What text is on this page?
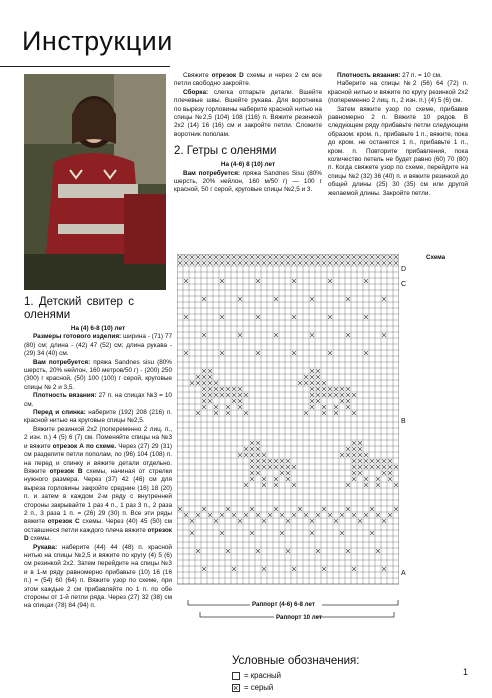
Инструкции
1. Детский свитер с оленями

На (4) 6-8 (10) лет

Размеры готового изделия: ширина - (71) 77 (80) см; длина - (42) 47 (52) см; длина рукава - (29) 34 (40) см.

Вам потребуется: пряжа Sandnes sisu (80% шерсть, 20% нейлон, 160 метров/50 г) - (200) 250 (300) г красной, (50) 100 (100) г серой, круговые спицы № 2 и 3,5.

Плотность вязания: 27 п. на спицах №3 = 10 см.

Перед и спинка: наберите (192) 208 (216) п. красной нитью на круговые спицы №2,5.

Вяжите резинкой 2х2 (попеременно 2 лиц. п., 2 изн. п.) 4 (5) 6 (7) см. Поменяйте спицы на №3 и вяжите отрезок А по схеме. Через (27) 29 (31) см разделите петли пополам, по (96) 104 (108) п. на перед и спинку и вяжите детали отдельно. Вяжите отрезок В схемы, начиная от стрелки нужного размера. Через (37) 42 (46) см для выреза горловины закройте средние (16) 18 (20) п. и затем в каждом 2-м ряду с внутренней стороны закрывайте 1 раз 4 п., 1 раз 3 п., 2 раза 2 п., 3 раза 1 п. = (26) 29 (30) п. Все эти ряды вяжите отрезок С схемы. Через (40) 45 (50) см оставшиеся петли каждого плеча вяжите отрезок D схемы.

Рукава: наберите (44) 44 (48) п. красной нитью на спицы №2,5 и вяжите по кругу (4) 5 (6) см резинкой 2х2. Затем перейдите на спицы №3 и в 1-м ряду равномерно прибавьте (10) 16 (16 п.) = (54) 60 (64) п. Вяжите узор по схеме, при этом каждые 2 см прибавляйте по 1 п. по обе стороны от 1-й петли ряда. Через (27) 32 (38) см на спицах (78) 84 (94) п.

Свяжите отрезок D схемы и через 2 см все петли свободно закройте.

Сборка: слегка отпарьте детали. Вшейте плечевые швы. Вшейте рукава. Для воротника по вырезу горловины наберите красной нитью на спицы №2,5 (104) 108 (116) п. Вяжите резинкой 2х2 (14) 16 (16) см и закройте петли. Сложите воротник пополам.

2. Гетры с оленями

На (4-6) 8 (10) лет

Вам потребуется: пряжа Sandnes Sisu (80% шерсть, 20% нейлон, 160 м/50 г) — 100 г красной, 50 г серой, круговые спицы №2,5 и 3.

Плотность вязания: 27 п. = 10 см.

Наберите на спицы №2 (56) 64 (72) п. красной нитью и вяжите по кругу резинкой 2х2 (попеременно 2 лиц. п., 2 изн. п.) (4) 5 (6) см.

Затем вяжите узор по схеме, прибавив равномерно 2 п. Вяжите 10 рядов. В следующем ряду прибавьте петли следующим образом: кром. п., прибавьте 1 п., вяжите, пока до кром. не останется 1 п., прибавьте 1 п., кром. п. Повторите прибавления, пока количество петель не будет равно (60) 70 (80) п. Когда свяжете узор по схеме, перейдите на спицы №2 (32) 36 (40) п. и вяжите резинкой до общей длины (25) 30 (35) см или другой желаемой длины. Закройте петли.

Схема
D
C
B
A
Раппорт (4-6) 6-8 лет
Раппорт 10 лет
Условные обозначения:
= красный
×
= серый
1
